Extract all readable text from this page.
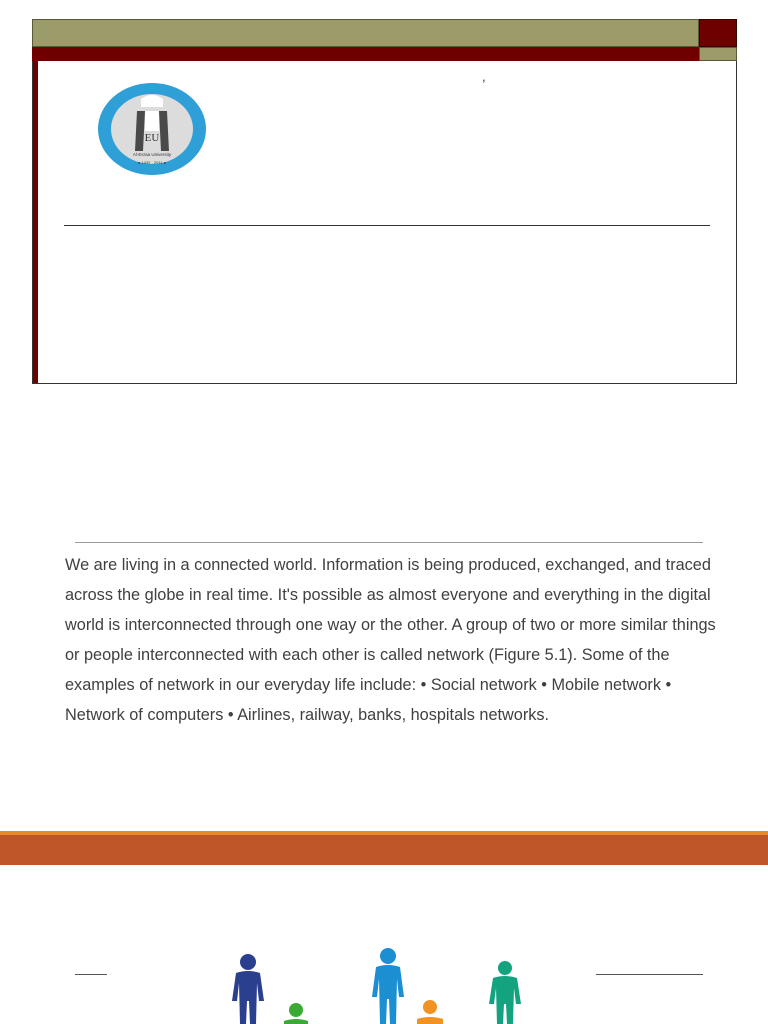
,
EU
Al-Esraa University
● 1432 - 2011 ●

We are living in a connected world. Information is being produced, exchanged, and traced across the globe in real time. It's possible as almost everyone and everything in the digital world is interconnected through one way or the other. A group of two or more similar things or people interconnected with each other is called network (Figure 5.1). Some of the examples of network in our everyday life include: • Social network • Mobile network • Network of computers • Airlines, railway, banks, hospitals networks.
